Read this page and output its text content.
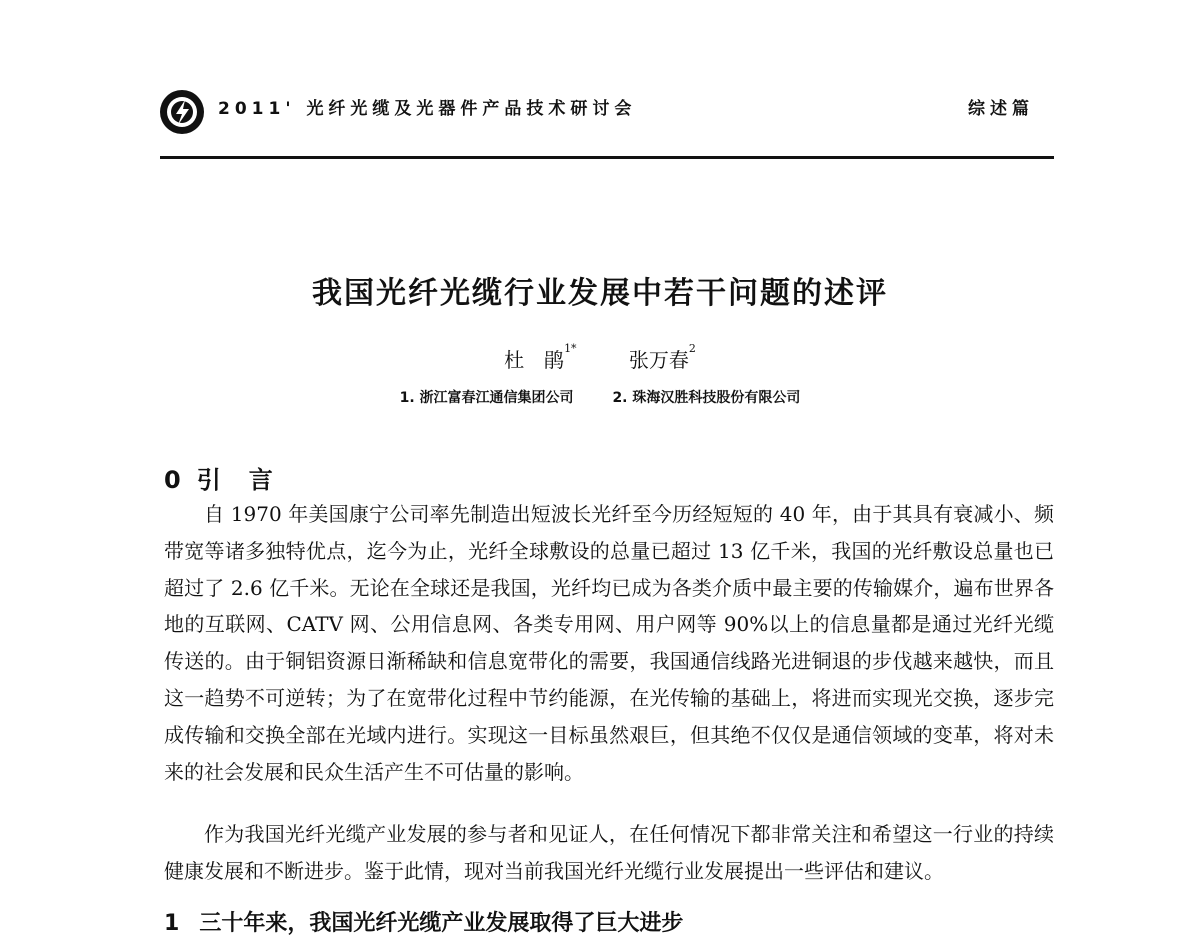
2011' 光纤光缆及光器件产品技术研讨会	综述篇
我国光纤光缆行业发展中若干问题的述评
杜　鹃$^{1*}$	张万春$^2$
1. 浙江富春江通信集团公司	2. 珠海汉胜科技股份有限公司
0 引　言
自 1970 年美国康宁公司率先制造出短波长光纤至今历经短短的 40 年，由于其具有衰减小、频带宽等诸多独特优点，迄今为止，光纤全球敷设的总量已超过 13 亿千米，我国的光纤敷设总量也已超过了 2.6 亿千米。无论在全球还是我国，光纤均已成为各类介质中最主要的传输媒介，遍布世界各地的互联网、CATV 网、公用信息网、各类专用网、用户网等 90%以上的信息量都是通过光纤光缆传送的。由于铜铝资源日渐稀缺和信息宽带化的需要，我国通信线路光进铜退的步伐越来越快，而且这一趋势不可逆转；为了在宽带化过程中节约能源，在光传输的基础上，将进而实现光交换，逐步完成传输和交换全部在光域内进行。实现这一目标虽然艰巨，但其绝不仅仅是通信领域的变革，将对未来的社会发展和民众生活产生不可估量的影响。
作为我国光纤光缆产业发展的参与者和见证人，在任何情况下都非常关注和希望这一行业的持续健康发展和不断进步。鉴于此情，现对当前我国光纤光缆行业发展提出一些评估和建议。
1 三十年来，我国光纤光缆产业发展取得了巨大进步
